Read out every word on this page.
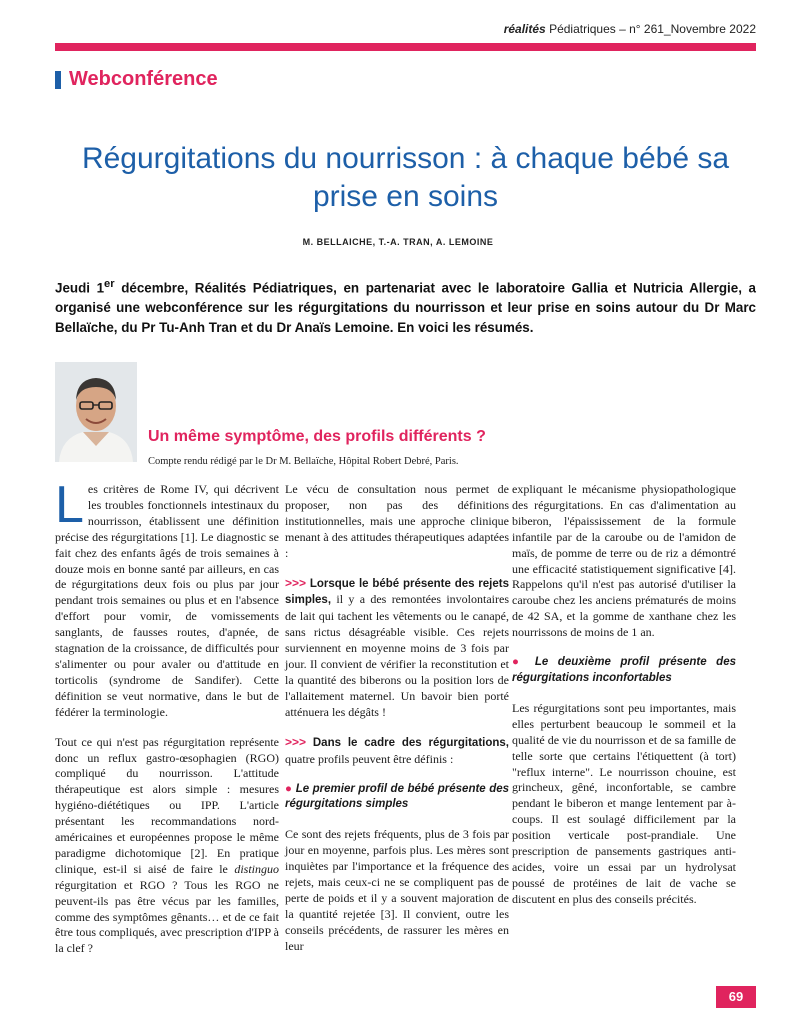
réalités Pédiatriques – n° 261_Novembre 2022
Webconférence
Régurgitations du nourrisson : à chaque bébé sa prise en soins
M. BELLAICHE, T.-A. TRAN, A. LEMOINE
Jeudi 1er décembre, Réalités Pédiatriques, en partenariat avec le laboratoire Gallia et Nutricia Allergie, a organisé une webconférence sur les régurgitations du nourrisson et leur prise en soins autour du Dr Marc Bellaïche, du Pr Tu-Anh Tran et du Dr Anaïs Lemoine. En voici les résumés.
Un même symptôme, des profils différents ?
Compte rendu rédigé par le Dr M. Bellaïche, Hôpital Robert Debré, Paris.

Les critères de Rome IV, qui décrivent les troubles fonctionnels intestinaux du nourrisson, établissent une définition précise des régurgitations [1]. Le diagnostic se fait chez des enfants âgés de trois semaines à douze mois en bonne santé par ailleurs, en cas de régurgitations deux fois ou plus par jour pendant trois semaines ou plus et en l'absence d'effort pour vomir, de vomissements sanglants, de fausses routes, d'apnée, de stagnation de la croissance, de difficultés pour s'alimenter ou pour avaler ou d'attitude en torticolis (syndrome de Sandifer). Cette définition se veut normative, dans le but de fédérer la terminologie.

Tout ce qui n'est pas régurgitation représente donc un reflux gastro-œsophagien (RGO) compliqué du nourrisson. L'attitude thérapeutique est alors simple : mesures hygiéno-diététiques ou IPP. L'article présentant les recommandations nord-américaines et européennes propose le même paradigme dichotomique [2]. En pratique clinique, est-il si aisé de faire le distinguo régurgitation et RGO ? Tous les RGO ne peuvent-ils pas être vécus par les familles, comme des symptômes gênants… et de ce fait être tous compliqués, avec prescription d'IPP à la clef ?

Le vécu de consultation nous permet de proposer, non pas des définitions institutionnelles, mais une approche clinique menant à des attitudes thérapeutiques adaptées :

>>> Lorsque le bébé présente des rejets simples, il y a des remontées involontaires de lait qui tachent les vêtements ou le canapé, sans rictus désagréable visible. Ces rejets surviennent en moyenne moins de 3 fois par jour. Il convient de vérifier la reconstitution et la quantité des biberons ou la position lors de l'allaitement maternel. Un bavoir bien porté atténuera les dégâts !

>>> Dans le cadre des régurgitations, quatre profils peuvent être définis :

● Le premier profil de bébé présente des régurgitations simples

Ce sont des rejets fréquents, plus de 3 fois par jour en moyenne, parfois plus. Les mères sont inquiètes par l'importance et la fréquence des rejets, mais ceux-ci ne se compliquent pas de perte de poids et il y a souvent majoration de la quantité rejetée [3]. Il convient, outre les conseils précédents, de rassurer les mères en leur

expliquant le mécanisme physiopathologique des régurgitations. En cas d'alimentation au biberon, l'épaississement de la formule infantile par de la caroube ou de l'amidon de maïs, de pomme de terre ou de riz a démontré une efficacité statistiquement significative [4]. Rappelons qu'il n'est pas autorisé d'utiliser la caroube chez les anciens prématurés de moins de 42 SA, et la gomme de xanthane chez les nourrissons de moins de 1 an.

● Le deuxième profil présente des régurgitations inconfortables

Les régurgitations sont peu importantes, mais elles perturbent beaucoup le sommeil et la qualité de vie du nourrisson et de sa famille de telle sorte que certains l'étiquettent (à tort) "reflux interne". Le nourrisson chouine, est grincheux, gêné, inconfortable, se cambre pendant le biberon et mange lentement par à-coups. Il est soulagé difficilement par la position verticale post-prandiale. Une prescription de pansements gastriques anti-acides, voire un essai par un hydrolysat poussé de protéines de lait de vache se discutent en plus des conseils précités.

69
